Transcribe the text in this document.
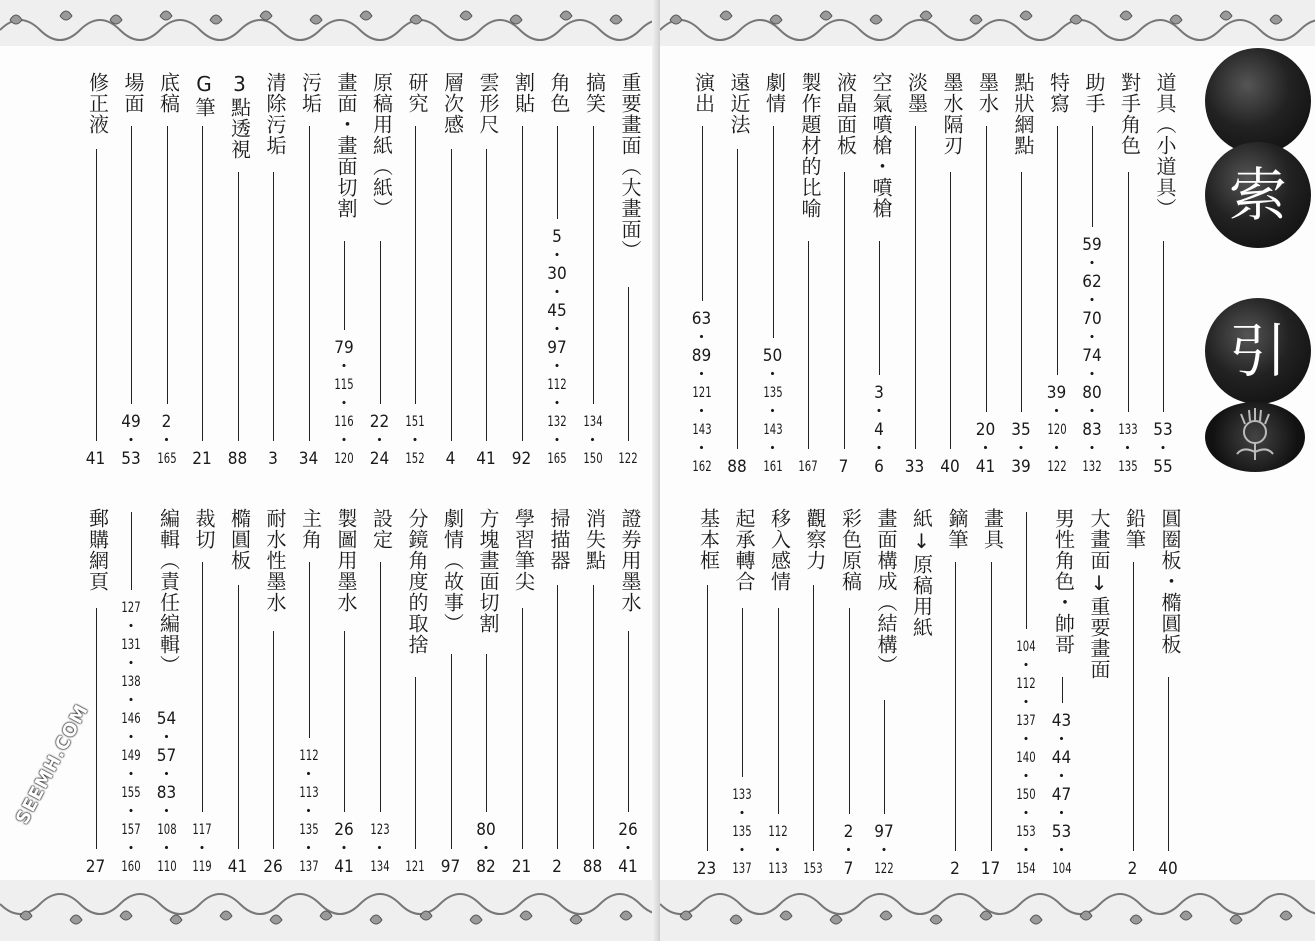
索
引
SEEMH.COM
重要畫面（大畫面）
122
搞笑
134
・
150
角色
5
・
30
・
45
・
97
・
112
・
132
・
165
割貼
92
雲形尺
41
層次感
4
研究
151
・
152
原稿用紙（紙）
22
・
24
畫面・畫面切割
79
・
115
・
116
・
120
污垢
34
清除污垢
3
3點透視
88
G筆
21
底稿
2
・
165
場面
49
・
53
修正液
41
證券用墨水
26
・
41
消失點
88
掃描器
2
學習筆尖
21
方塊畫面切割
80
・
82
劇情（故事）
97
分鏡角度的取捨
121
設定
123
・
134
製圖用墨水
26
・
41
主角
112
・
113
・
135
・
137
耐水性墨水
26
橢圓板
41
裁切
117
・
119
編輯（責任編輯）
54
・
57
・
83
・
108
・
110
127
・
131
・
138
・
146
・
149
・
155
・
157
・
160
郵購網頁
27
道具（小道具）
53
・
55
對手角色
133
・
135
助手
59
・
62
・
70
・
74
・
80
・
83
・
132
特寫
39
・
120
・
122
點狀網點
35
・
39
墨水
20
・
41
墨水隔刃
40
淡墨
33
空氣噴槍・噴槍
3
・
4
・
6
液晶面板
7
製作題材的比喻
167
劇情
50
・
135
・
143
・
161
遠近法
88
演出
63
・
89
・
121
・
143
・
162
圓圈板・橢圓板
40
鉛筆
2
大畫面↓重要畫面
男性角色・帥哥
43
・
44
・
47
・
53
・
104
104
・
112
・
137
・
140
・
150
・
153
・
154
畫具
17
鏑筆
2
紙↓原稿用紙
畫面構成（結構）
97
・
122
彩色原稿
2
・
7
觀察力
153
移入感情
112
・
113
起承轉合
133
・
135
・
137
基本框
23
